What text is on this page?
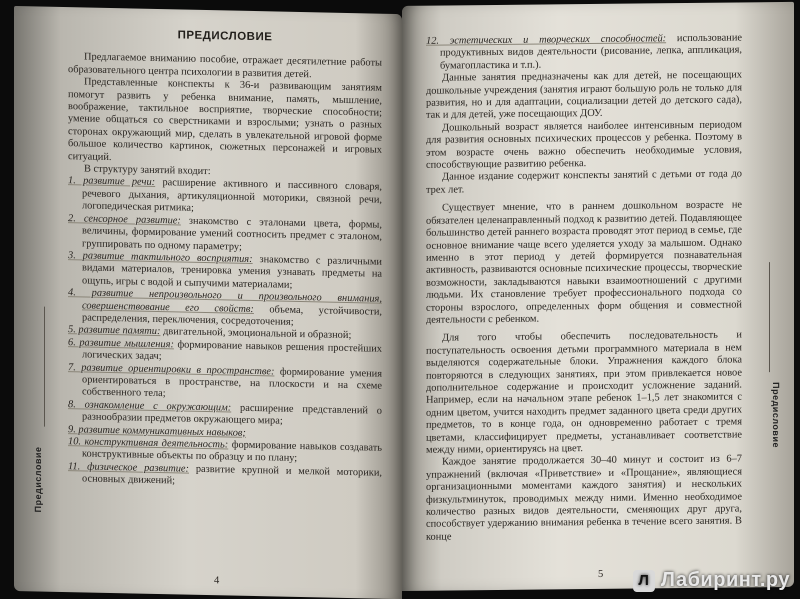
ПРЕДИСЛОВИЕ

Предлагаемое вниманию пособие, отражает десятилетние работы образовательного центра психологии в развития детей.

Представленные конспекты к 36-и развивающим занятиям помогут развить у ребенка внимание, память, мышление, воображение, тактильное восприятие, творческие способности; умение общаться со сверстниками и взрослыми; узнать о разных сторонах окружающий мир, сделать в увлекательной игровой форме большое количество картинок, сюжетных персонажей и игровых ситуаций.

В структуру занятий входит:

1. развитие речи: расширение активного и пассивного словаря, речевого дыхания, артикуляционной моторики, связной речи, логопедическая ритмика;
2. сенсорное развитие: знакомство с эталонами цвета, формы, величины, формирование умений соотносить предмет с эталоном, группировать по одному параметру;
3. развитие тактильного восприятия: знакомство с различными видами материалов, тренировка умения узнавать предметы на ощупь, игры с водой и сыпучими материалами;
4. развитие непроизвольного и произвольного внимания, совершенствование его свойств: объема, устойчивости, распределения, переключения, сосредоточения;
5. развитие памяти: двигательной, эмоциональной и образной;
6. развитие мышления: формирование навыков решения простейших логических задач;
7. развитие ориентировки в пространстве: формирование умения ориентироваться в пространстве, на плоскости и на схеме собственного тела;
8. ознакомление с окружающим: расширение представлений о разнообразии предметов окружающего мира;
9. развитие коммуникативных навыков;
10. конструктивная деятельность: формирование навыков создавать конструктивные объекты по образцу и по плану;
11. физическое развитие: развитие крупной и мелкой моторики, основных движений;
Предисловие
4
12. эстетических и творческих способностей: использование продуктивных видов деятельности (рисование, лепка, аппликация, бумагопластика и т.п.).

Данные занятия предназначены как для детей, не посещающих дошкольные учреждения (занятия играют большую роль не только для развития, но и для адаптации, социализации детей до детского сада), так и для детей, уже посещающих ДОУ.

Дошкольный возраст является наиболее интенсивным периодом для развития основных психических процессов у ребенка. Поэтому в этом возрасте очень важно обеспечить необходимые условия, способствующие развитию ребенка.

Данное издание содержит конспекты занятий с детьми от года до трех лет.

Существует мнение, что в раннем дошкольном возрасте не обязателен целенаправленный подход к развитию детей. Подавляющее большинство детей раннего возраста проводят этот период в семье, где основное внимание чаще всего уделяется уходу за малышом. Однако именно в этот период у детей формируется познавательная активность, развиваются основные психические процессы, творческие возможности, закладываются навыки взаимоотношений с другими людьми. Их становление требует профессионального подхода со стороны взрослого, определенных форм общения и совместной деятельности с ребенком.

Для того чтобы обеспечить последовательность и поступательность освоения детьми программного материала в нем выделяются содержательные блоки. Упражнения каждого блока повторяются в следующих занятиях, при этом привлекается новое дополнительное содержание и происходит усложнение заданий. Например, если на начальном этапе ребенок 1–1,5 лет знакомится с одним цветом, учится находить предмет заданного цвета среди других предметов, то в конце года, он одновременно работает с тремя цветами, классифицирует предметы, устанавливает соответствие между ними, ориентируясь на цвет.

Каждое занятие продолжается 30–40 минут и состоит из 6–7 упражнений (включая «Приветствие» и «Прощание», являющиеся организационными моментами каждого занятия) и нескольких физкультминуток, проводимых между ними. Именно необходимое количество разных видов деятельности, сменяющих друг друга, способствует удержанию внимания ребенка в течение всего занятия. В конце

Предисловие
5	Л Лабиринт.ру
